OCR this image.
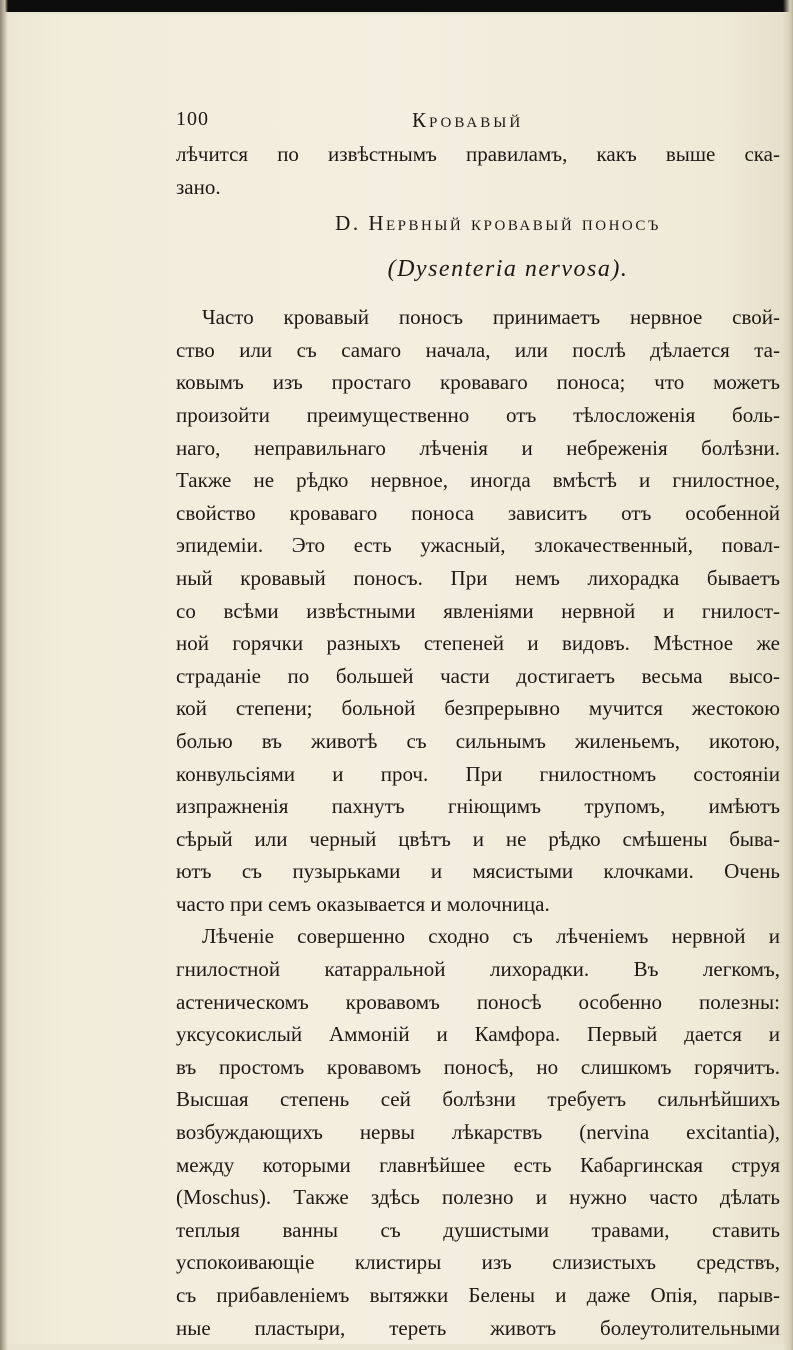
100	Кровавый
лѣчится по извѣстнымъ правиламъ, какъ выше ска-
зано.
D. Нервный кровавый поносъ
(Dysenteria nervosa).
Часто кровавый поносъ принимаетъ нервное свой-
ство или съ самаго начала, или послѣ дѣлается та-
ковымъ изъ простаго кроваваго поноса; что можетъ
произойти преимущественно отъ тѣлосложенія боль-
наго, неправильнаго лѣченія и небреженія болѣзни.
Также не рѣдко нервное, иногда вмѣстѣ и гнилостное,
свойство кроваваго поноса зависитъ отъ особенной
эпидеміи. Это есть ужасный, злокачественный, повал-
ный кровавый поносъ. При немъ лихорадка бываетъ
со всѣми извѣстными явленіями нервной и гнилост-
ной горячки разныхъ степеней и видовъ. Мѣстное же
страданіе по большей части достигаетъ весьма высо-
кой степени; больной безпрерывно мучится жестокою
болью въ животѣ съ сильнымъ жиленьемъ, икотою,
конвульсіями и проч. При гнилостномъ состояніи
изпражненія пахнутъ гніющимъ трупомъ, имѣютъ
сѣрый или черный цвѣтъ и не рѣдко смѣшены быва-
ютъ съ пузырьками и мясистыми клочками. Очень
часто при семъ оказывается и молочница.
Лѣченіе совершенно сходно съ лѣченіемъ нервной и
гнилостной катарральной лихорадки. Въ легкомъ,
астеническомъ кровавомъ поносѣ особенно полезны:
уксусокислый Аммоній и Камфора. Первый дается и
въ простомъ кровавомъ поносѣ, но слишкомъ горячитъ.
Высшая степень сей болѣзни требуетъ сильнѣйшихъ
возбуждающихъ нервы лѣкарствъ (nervina excitantia),
между которыми главнѣйшее есть Кабаргинская струя
(Moschus). Также здѣсь полезно и нужно часто дѣлать
теплыя ванны съ душистыми травами, ставить
успокоивающіе клистиры изъ слизистыхъ средствъ,
съ прибавленіемъ вытяжки Белены и даже Опія, парыв-
ные пластыри, тереть животъ болеутолительными
